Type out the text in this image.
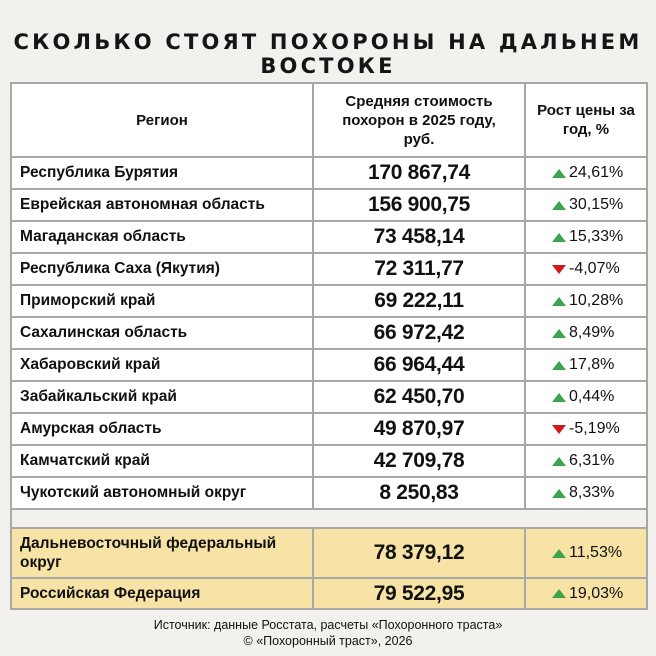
СКОЛЬКО СТОЯТ ПОХОРОНЫ НА ДАЛЬНЕМ ВОСТОКЕ
Регион	Средняя стоимость похорон в 2025 году, руб.	Рост цены за год, %
Республика Бурятия	170 867,74	24,61%

Еврейская автономная область	156 900,75	30,15%

Магаданская область	73 458,14	15,33%

Республика Саха (Якутия)	72 311,77	-4,07%

Приморский край	69 222,11	10,28%

Сахалинская область	66 972,42	8,49%

Хабаровский край	66 964,44	17,8%

Забайкальский край	62 450,70	0,44%

Амурская область	49 870,97	-5,19%

Камчатский край	42 709,78	6,31%

Чукотский автономный округ	8 250,83	8,33%

Дальневосточный федеральный округ	78 379,12	11,53%

Российская Федерация	79 522,95	19,03%
Источник: данные Росстата, расчеты «Похоронного траста»
© «Похоронный траст», 2026
